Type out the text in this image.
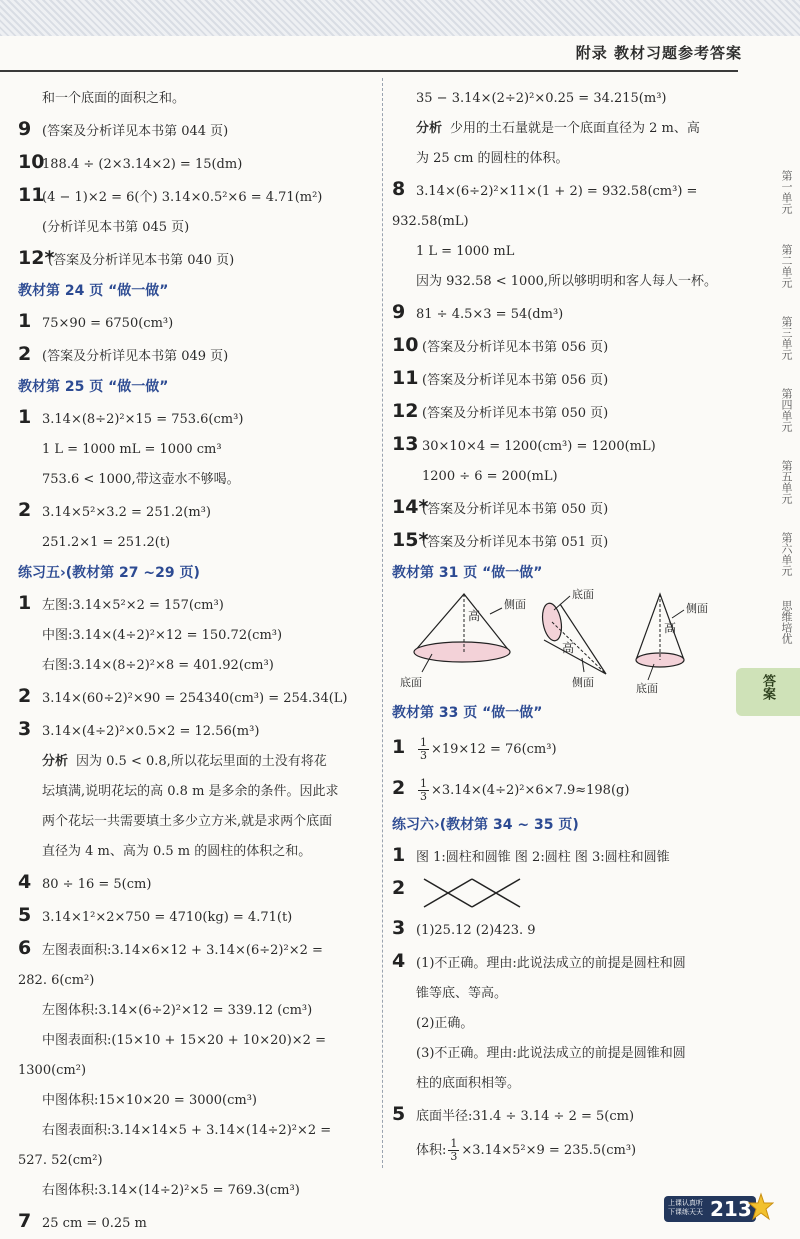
附录 教材习题参考答案
和一个底面的面积之和。
9 (答案及分析详见本书第 044 页)
10188.4 ÷ (2×3.14×2) = 15(dm)
11(4 − 1)×2 = 6(个) 3.14×0.5²×6 = 4.71(m²)
(分析详见本书第 045 页)
12*(答案及分析详见本书第 040 页)
教材第 24 页 “做一做”
1 75×90 = 6750(cm³)
2 (答案及分析详见本书第 049 页)
教材第 25 页 “做一做”
1 3.14×(8÷2)²×15 = 753.6(cm³)
1 L = 1000 mL = 1000 cm³
753.6 < 1000,带这壶水不够喝。
2 3.14×5²×3.2 = 251.2(m³)
251.2×1 = 251.2(t)
练习五›(教材第 27 ~29 页)
1 左图:3.14×5²×2 = 157(cm³)
中图:3.14×(4÷2)²×12 = 150.72(cm³)
右图:3.14×(8÷2)²×8 = 401.92(cm³)
2 3.14×(60÷2)²×90 = 254340(cm³) = 254.34(L)
3 3.14×(4÷2)²×0.5×2 = 12.56(m³)
分析 因为 0.5 < 0.8,所以花坛里面的土没有将花
坛填满,说明花坛的高 0.8 m 是多余的条件。因此求
两个花坛一共需要填土多少立方米,就是求两个底面
直径为 4 m、高为 0.5 m 的圆柱的体积之和。
4 80 ÷ 16 = 5(cm)
5 3.14×1²×2×750 = 4710(kg) = 4.71(t)
6 左图表面积:3.14×6×12 + 3.14×(6÷2)²×2 =
282. 6(cm²)
左图体积:3.14×(6÷2)²×12 = 339.12 (cm³)
中图表面积:(15×10 + 15×20 + 10×20)×2 =
1300(cm²)
中图体积:15×10×20 = 3000(cm³)
右图表面积:3.14×14×5 + 3.14×(14÷2)²×2 =
527. 52(cm²)
右图体积:3.14×(14÷2)²×5 = 769.3(cm³)
7 25 cm = 0.25 m
35 − 3.14×(2÷2)²×0.25 = 34.215(m³)
分析 少用的土石量就是一个底面直径为 2 m、高
为 25 cm 的圆柱的体积。
8 3.14×(6÷2)²×11×(1 + 2) = 932.58(cm³) =
932.58(mL)
1 L = 1000 mL
因为 932.58 < 1000,所以够明明和客人每人一杯。
9 81 ÷ 4.5×3 = 54(dm³)
10 (答案及分析详见本书第 056 页)
11 (答案及分析详见本书第 056 页)
12 (答案及分析详见本书第 050 页)
13 30×10×4 = 1200(cm³) = 1200(mL)
1200 ÷ 6 = 200(mL)
14*(答案及分析详见本书第 050 页)
15*(答案及分析详见本书第 051 页)
教材第 31 页 “做一做”
高
侧面
底面
底面
高
侧面
高
侧面
底面
教材第 33 页 “做一做”
$1 \frac{1}{3} \times 19\times 12 = 76(cm^3)$
$2 \frac{1}{3} \times 3.14\times(4\div 2)^2\times 6\times 7.9\approx 198(g)$
练习六›(教材第 34 ~ 35 页)
1 图 1:圆柱和圆锥 图 2:圆柱 图 3:圆柱和圆锥
2
3 (1)25.12 (2)423. 9
4 (1)不正确。理由:此说法成立的前提是圆柱和圆
锥等底、等高。
(2)正确。
(3)不正确。理由:此说法成立的前提是圆锥和圆
柱的底面积相等。
5 底面半径:31.4 ÷ 3.14 ÷ 2 = 5(cm)
体积: $\frac{1}{3} \times 3.14\times 5^2\times 9 = 235.5(cm^3)$
第一单元
第二单元
第三单元
第四单元
第五单元
第六单元
思维培优
答案
上课认真听
下课练天天 213
